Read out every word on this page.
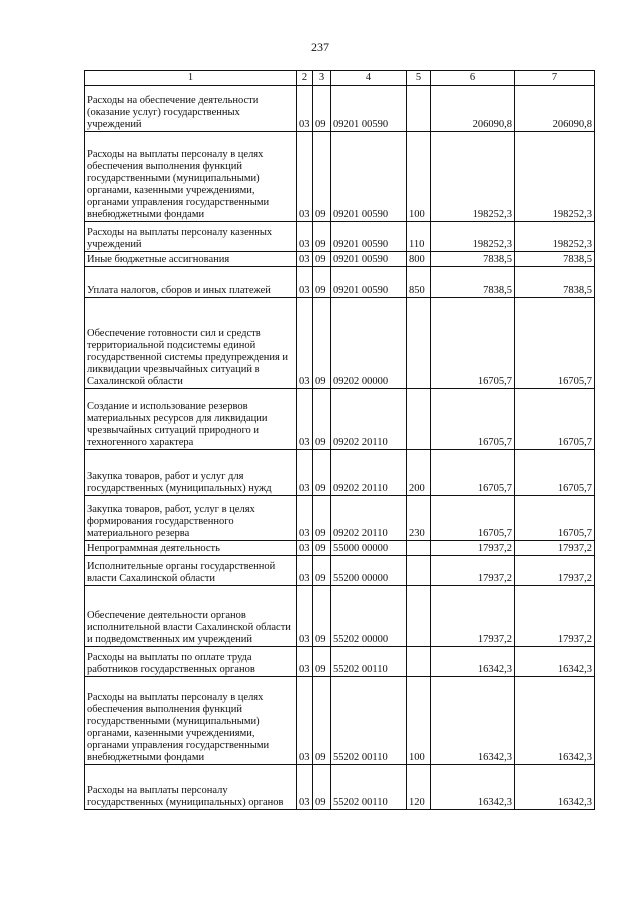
237
1	2	3	4	5	6	7
Расходы на обеспечение деятельности (оказание услуг) государственных учреждений	03	09	09201 00590		206090,8	206090,8
Расходы на выплаты персоналу в целях обеспечения выполнения функций государственными (муниципальными) органами, казенными учреждениями, органами управления государственными внебюджетными фондами	03	09	09201 00590	100	198252,3	198252,3
Расходы на выплаты персоналу казенных учреждений	03	09	09201 00590	110	198252,3	198252,3
Иные бюджетные ассигнования	03	09	09201 00590	800	7838,5	7838,5
Уплата налогов, сборов и иных платежей	03	09	09201 00590	850	7838,5	7838,5
Обеспечение готовности сил и средств территориальной подсистемы единой государственной системы предупреждения и ликвидации чрезвычайных ситуаций в Сахалинской области	03	09	09202 00000		16705,7	16705,7
Создание и использование резервов материальных ресурсов для ликвидации чрезвычайных ситуаций природного и техногенного характера	03	09	09202 20110		16705,7	16705,7
Закупка товаров, работ и услуг для государственных (муниципальных) нужд	03	09	09202 20110	200	16705,7	16705,7
Закупка товаров, работ, услуг в целях формирования государственного материального резерва	03	09	09202 20110	230	16705,7	16705,7
Непрограммная деятельность	03	09	55000 00000		17937,2	17937,2
Исполнительные органы государственной власти Сахалинской области	03	09	55200 00000		17937,2	17937,2
Обеспечение деятельности органов исполнительной власти Сахалинской области и подведомственных им учреждений	03	09	55202 00000		17937,2	17937,2
Расходы на выплаты по оплате труда работников государственных органов	03	09	55202 00110		16342,3	16342,3
Расходы на выплаты персоналу в целях обеспечения выполнения функций государственными (муниципальными) органами, казенными учреждениями, органами управления государственными внебюджетными фондами	03	09	55202 00110	100	16342,3	16342,3
Расходы на выплаты персоналу государственных (муниципальных) органов	03	09	55202 00110	120	16342,3	16342,3
